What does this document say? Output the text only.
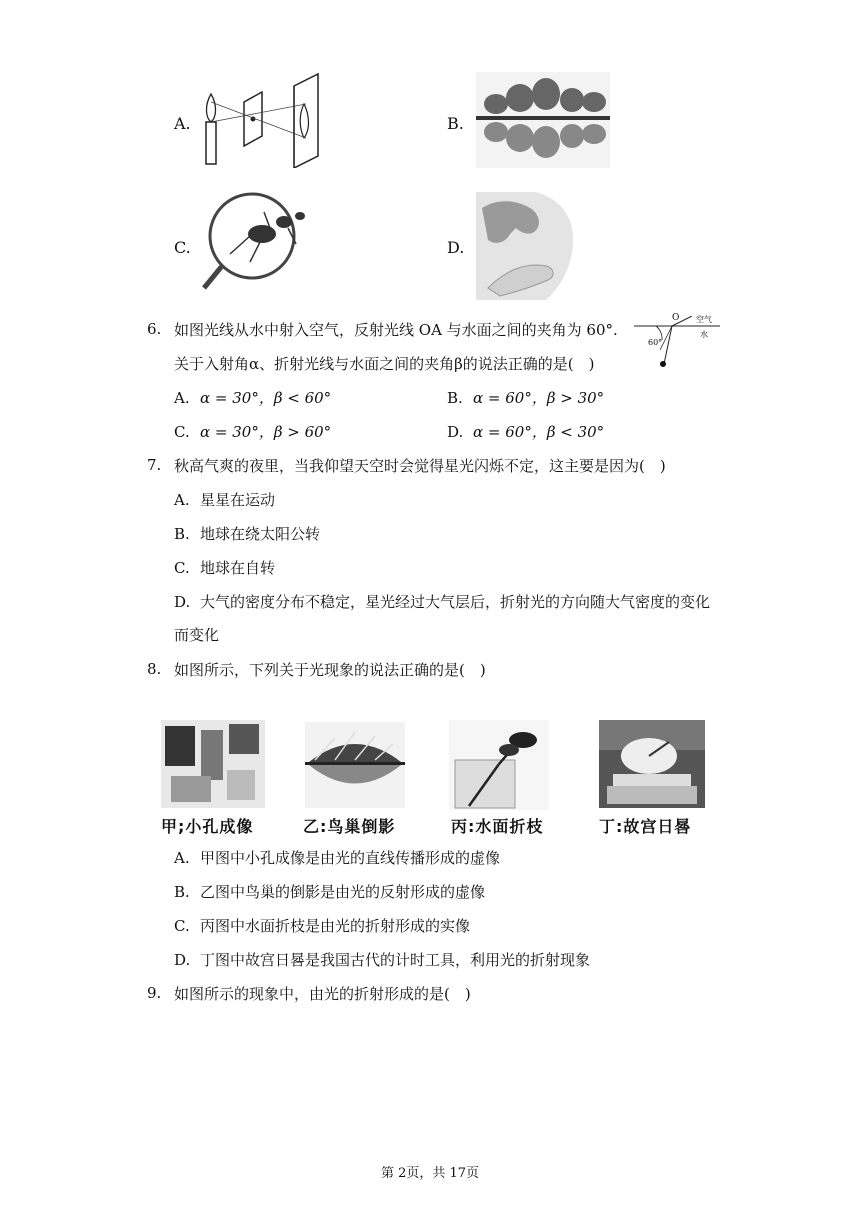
A.	B.
C.	D.
6. 如图光线从水中射入空气，反射光线 OA 与水面之间的夹角为 60°.
关于入射角α、折射光线与水面之间的夹角β的说法正确的是(　)
O 空气
水
60°
A. α = 30°，β < 60°	B. α = 60°，β > 30°
C. α = 30°，β > 60°	D. α = 60°，β < 30°
7. 秋高气爽的夜里，当我仰望天空时会觉得星光闪烁不定，这主要是因为(　)
A. 星星在运动
B. 地球在绕太阳公转
C. 地球在自转
D. 大气的密度分布不稳定，星光经过大气层后，折射光的方向随大气密度的变化
而变化
8. 如图所示，下列关于光现象的说法正确的是(　)
甲;小孔成像	乙:鸟巢倒影	丙:水面折枝	丁:故宫日晷
A. 甲图中小孔成像是由光的直线传播形成的虚像
B. 乙图中鸟巢的倒影是由光的反射形成的虚像
C. 丙图中水面折枝是由光的折射形成的实像
D. 丁图中故宫日晷是我国古代的计时工具，利用光的折射现象
9. 如图所示的现象中，由光的折射形成的是(　)
第 2页，共 17页
